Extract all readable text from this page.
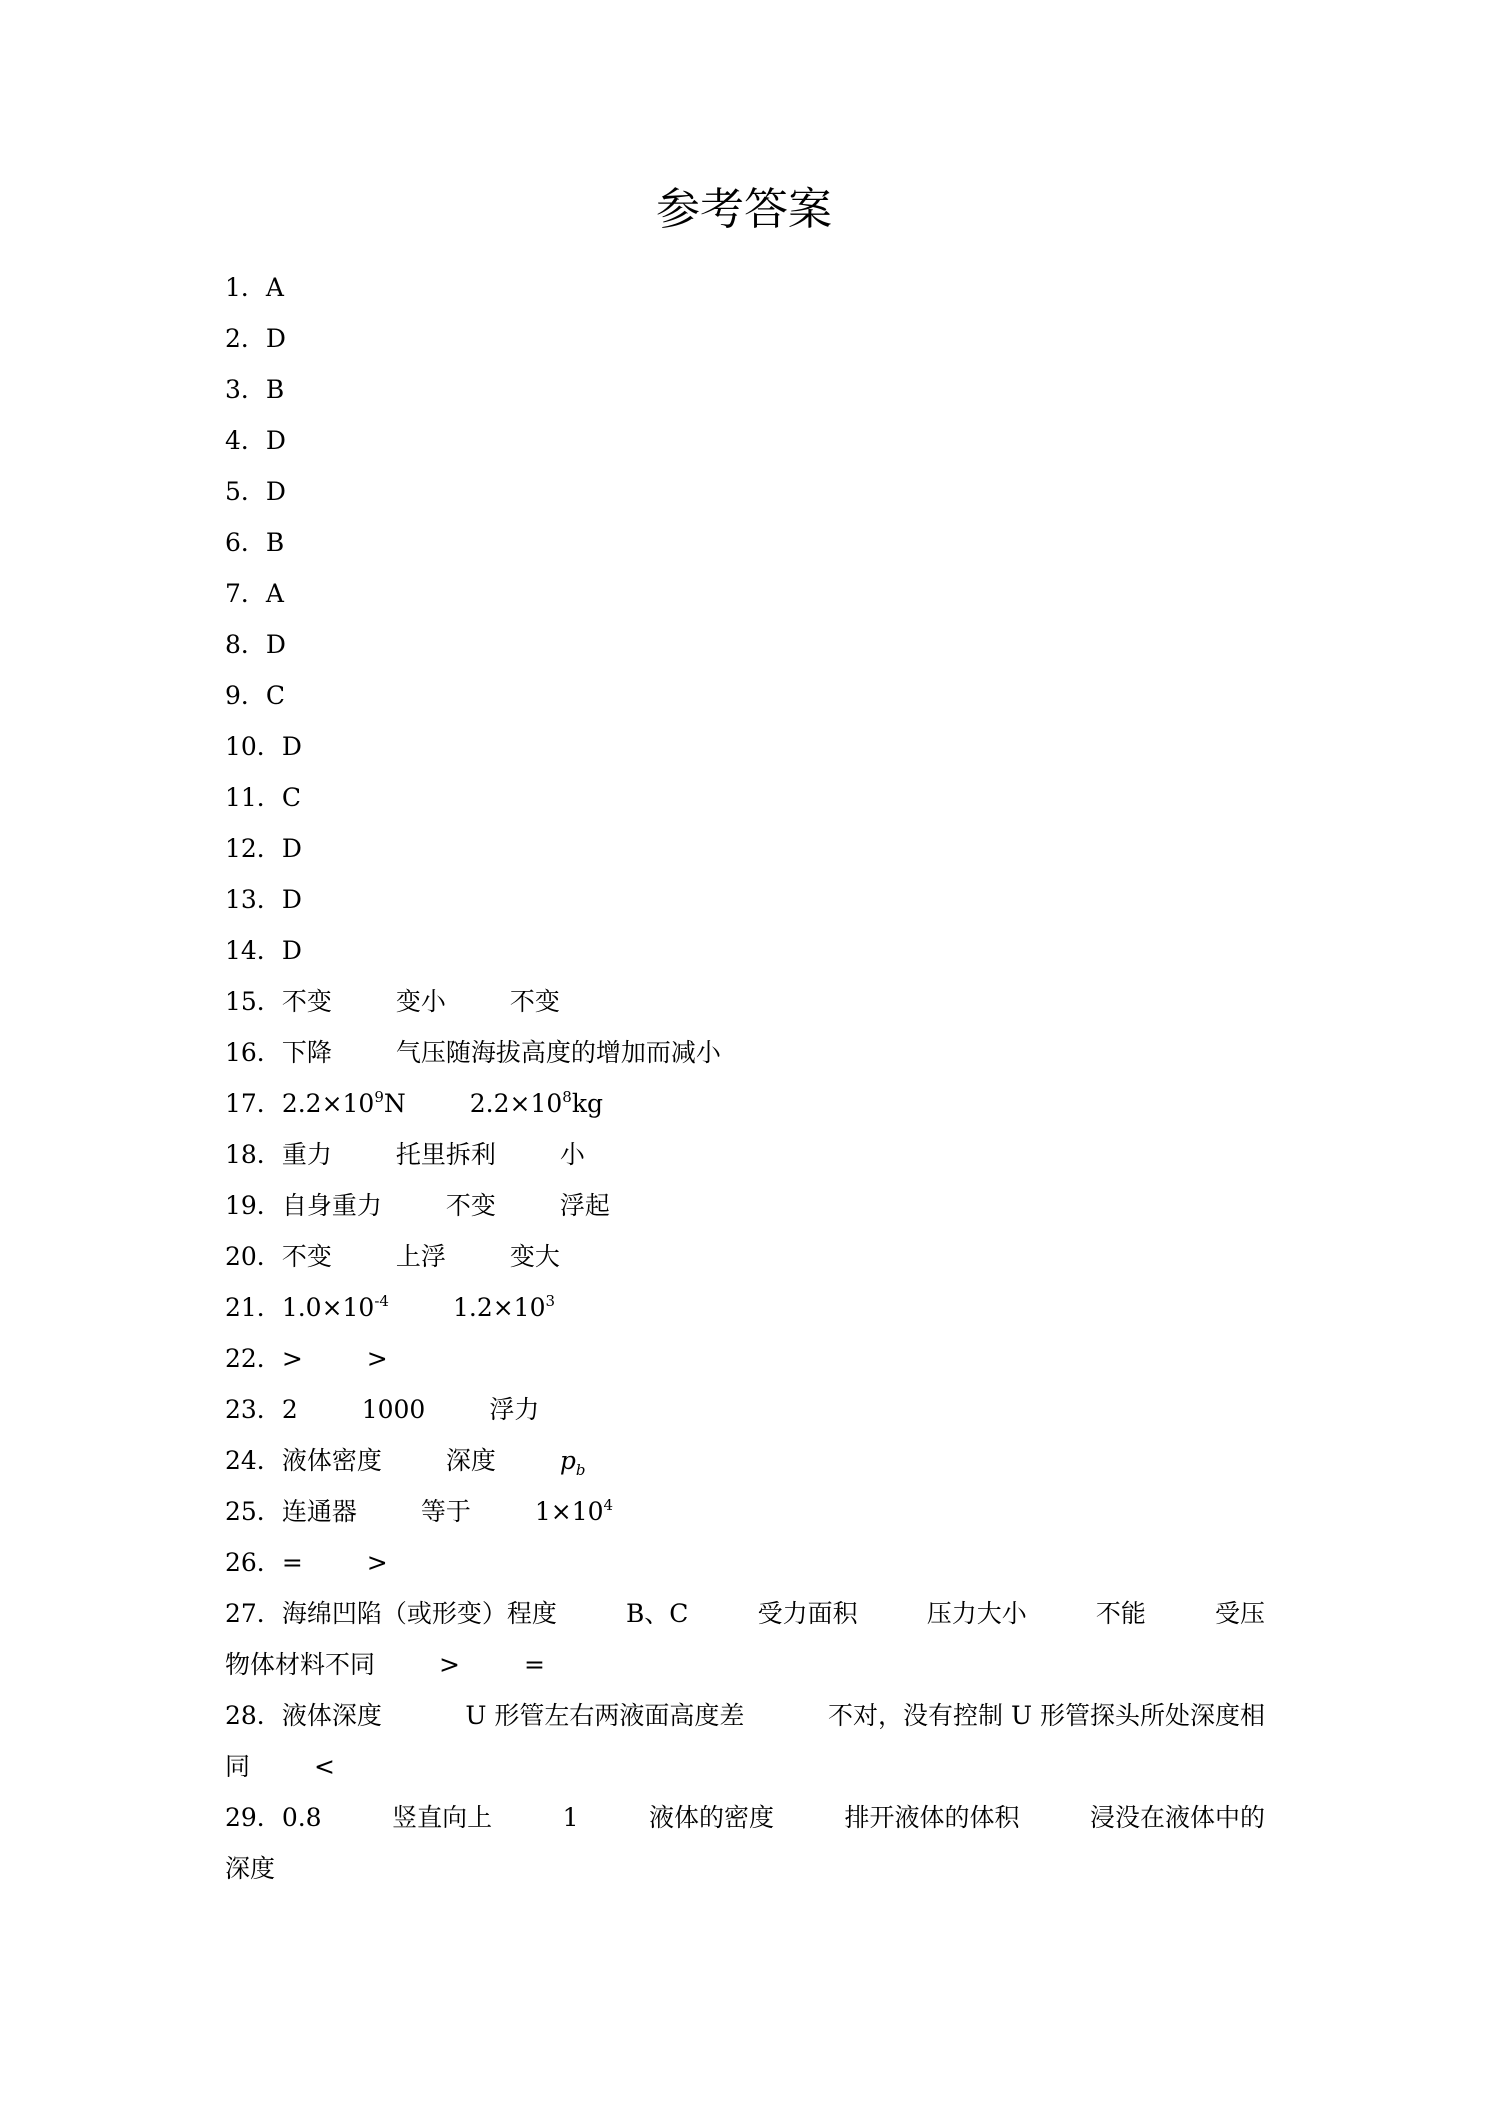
参考答案
1．A
2．D
3．B
4．D
5．D
6．B
7．A
8．D
9．C
10．D
11．C
12．D
13．D
14．D
15．不变	变小	不变
16．下降	气压随海拔高度的增加而减小
17．$2.2\times 10^9N$	$2.2\times 10^8kg$
18．重力	托里拆利	小
19．自身重力	不变	浮起
20．不变	上浮	变大
21．$1.0\times 10^{-4}$	$1.2\times 10^3$
22．>	>
23．2	1000	浮力
24．液体密度	深度	$p_b$
25．连通器	等于	$1\times 10^4$
26．=	>
27．海绵凹陷（或形变）程度	B、C	受力面积	压力大小	不能	受压
物体材料不同	>	=
28．液体深度	U 形管左右两液面高度差	不对，没有控制 U 形管探头所处深度相
同	<
29．0.8	竖直向上	1	液体的密度	排开液体的体积	浸没在液体中的
深度
